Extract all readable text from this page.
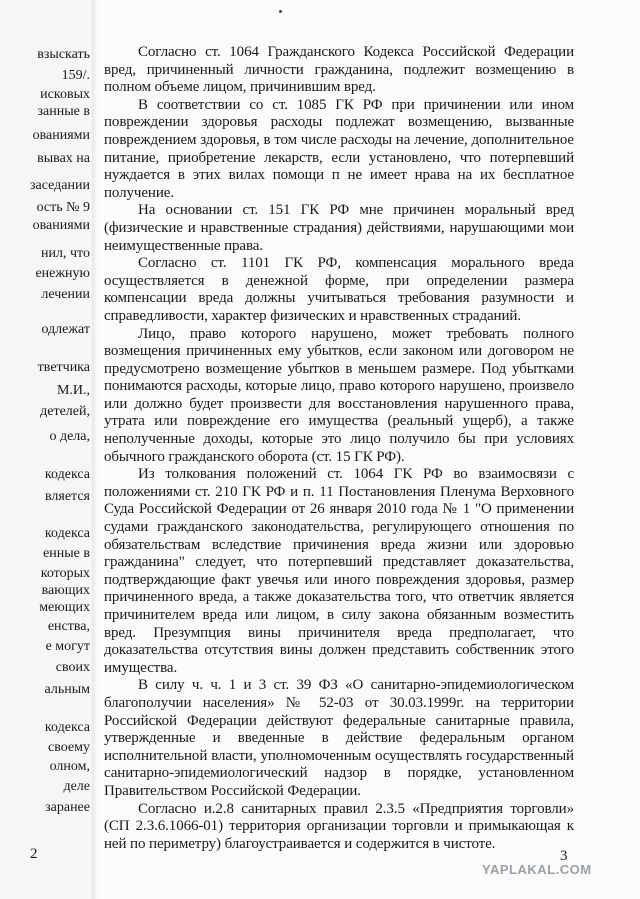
взыскать
159/.
исковых
занные в
ованиями
вывах на
заседании
ость № 9
ованиями
нил, что
енежную
лечении
одлежат
тветчика
М.И.,
детелей,
о дела,
кодекса
вляется
кодекса
енные в
которых
вающих
меющих
енства,
е могут
своих
альным
кодекса
своему
олном,
деле
заранее
2

Согласно ст. 1064 Гражданского Кодекса Российской Федерации вред, причиненный личности гражданина, подлежит возмещению в полном объеме лицом, причинившим вред.

В соответствии со ст. 1085 ГК РФ при причинении или ином повреждении здоровья расходы подлежат возмещению, вызванные повреждением здоровья, в том числе расходы на лечение, дополнительное питание, приобретение лекарств, если установлено, что потерпевший нуждается в этих вилах помощи п не имеет нрава на их бесплатное получение.

На основании ст. 151 ГК РФ мне причинен моральный вред (физические и нравственные страдания) действиями, нарушающими мои неимущественные права.

Согласно ст. 1101 ГК РФ, компенсация морального вреда осуществляется в денежной форме, при определении размера компенсации вреда должны учитываться требования разумности и справедливости, характер физических и нравственных страданий.

Лицо, право которого нарушено, может требовать полного возмещения причиненных ему убытков, если законом или договором не предусмотрено возмещение убытков в меньшем размере. Под убытками понимаются расходы, которые лицо, право которого нарушено, произвело или должно будет произвести для восстановления нарушенного права, утрата или повреждение его имущества (реальный ущерб), а также неполученные доходы, которые это лицо получило бы при условиях обычного гражданского оборота (ст. 15 ГК РФ).

Из толкования положений ст. 1064 ГК РФ во взаимосвязи с положениями ст. 210 ГК РФ и п. 11 Постановления Пленума Верховного Суда Российской Федерации от 26 января 2010 года № 1 "О применении судами гражданского законодательства, регулирующего отношения по обязательствам вследствие причинения вреда жизни или здоровью гражданина" следует, что потерпевший представляет доказательства, подтверждающие факт увечья или иного повреждения здоровья, размер причиненного вреда, а также доказательства того, что ответчик является причинителем вреда или лицом, в силу закона обязанным возместить вред. Презумпция вины причинителя вреда предполагает, что доказательства отсутствия вины должен представить собственник этого имущества.

В силу ч. ч. 1 и 3 ст. 39 ФЗ «О санитарно-эпидемиологическом благополучии населения» № 52-03 от 30.03.1999г. на территории Российской Федерации действуют федеральные санитарные правила, утвержденные и введенные в действие федеральным органом исполнительной власти, уполномоченным осуществлять государственный санитарно-эпидемиологический надзор в порядке, установленном Правительством Российской Федерации.

Согласно и.2.8 санитарных правил 2.3.5 «Предприятия торговли» (СП 2.3.6.1066-01) территория организации торговли и примыкающая к ней по периметру) благоустраивается и содержится в чистоте.

3
YAPLAKAL.COM
